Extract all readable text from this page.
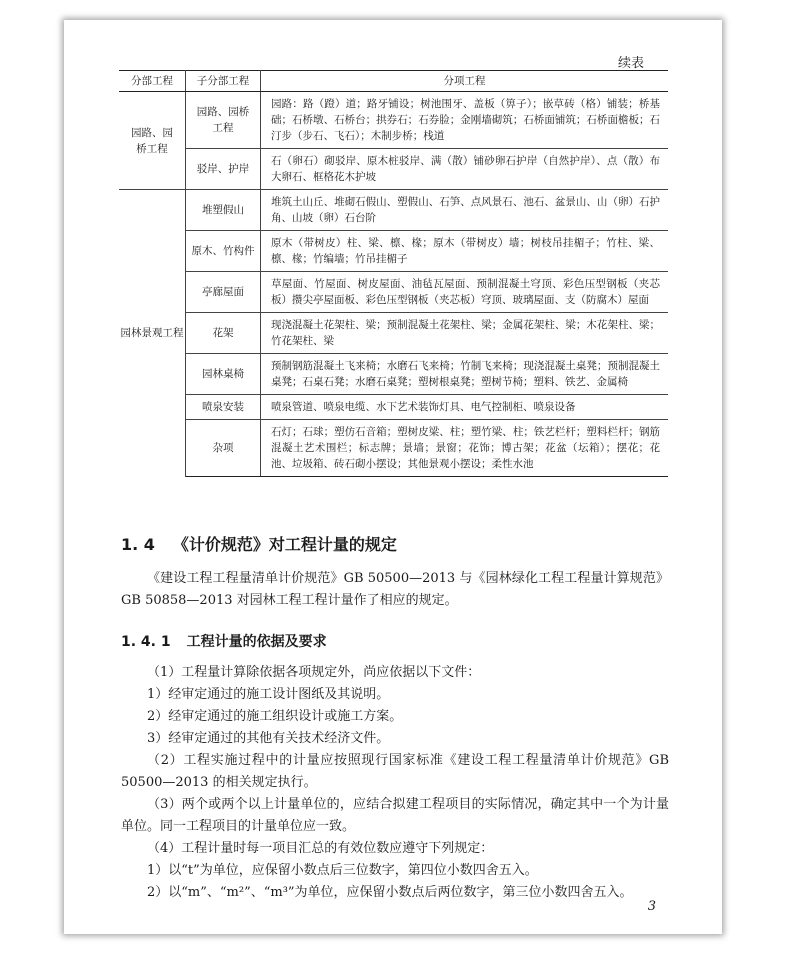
续表
分部工程	子分部工程	分项工程
园路、园桥工程	园路、园桥工程	园路：路（蹬）道；路牙铺设；树池围牙、盖板（箅子）；嵌草砖（格）铺装；桥基础；石桥墩、石桥台；拱券石；石券脸；金刚墙砌筑；石桥面铺筑；石桥面檐板；石汀步（步石、飞石）；木制步桥；栈道
	驳岸、护岸	石（卵石）砌驳岸、原木桩驳岸、满（散）铺砂卵石护岸（自然护岸）、点（散）布大卵石、框格花木护坡
园林景观工程	堆塑假山	堆筑土山丘、堆砌石假山、塑假山、石笋、点风景石、池石、盆景山、山（卵）石护角、山坡（卵）石台阶
	原木、竹构件	原木（带树皮）柱、梁、檩、椽；原木（带树皮）墙；树枝吊挂楣子；竹柱、梁、檩、椽；竹编墙；竹吊挂楣子
	亭廊屋面	草屋面、竹屋面、树皮屋面、油毡瓦屋面、预制混凝土穹顶、彩色压型钢板（夹芯板）攒尖亭屋面板、彩色压型钢板（夹芯板）穹顶、玻璃屋面、支（防腐木）屋面
	花架	现浇混凝土花架柱、梁；预制混凝土花架柱、梁；金属花架柱、梁；木花架柱、梁；竹花架柱、梁
	园林桌椅	预制钢筋混凝土飞来椅；水磨石飞来椅；竹制飞来椅；现浇混凝土桌凳；预制混凝土桌凳；石桌石凳；水磨石桌凳；塑树根桌凳；塑树节椅；塑料、铁艺、金属椅
	喷泉安装	喷泉管道、喷泉电缆、水下艺术装饰灯具、电气控制柜、喷泉设备
	杂项	石灯；石球；塑仿石音箱；塑树皮梁、柱；塑竹梁、柱；铁艺栏杆；塑料栏杆；钢筋混凝土艺术围栏；标志牌；景墙；景窗；花饰；博古架；花盆（坛箱）；摆花；花池、垃圾箱、砖石砌小摆设；其他景观小摆设；柔性水池
1. 4 《计价规范》对工程计量的规定

《建设工程工程量清单计价规范》GB 50500—2013 与《园林绿化工程工程量计算规范》GB 50858—2013 对园林工程工程计量作了相应的规定。

1. 4. 1 工程计量的依据及要求

（1）工程量计算除依据各项规定外，尚应依据以下文件：

1）经审定通过的施工设计图纸及其说明。

2）经审定通过的施工组织设计或施工方案。

3）经审定通过的其他有关技术经济文件。

（2）工程实施过程中的计量应按照现行国家标准《建设工程工程量清单计价规范》GB 50500—2013 的相关规定执行。

（3）两个或两个以上计量单位的，应结合拟建工程项目的实际情况，确定其中一个为计量单位。同一工程项目的计量单位应一致。

（4）工程计量时每一项目汇总的有效位数应遵守下列规定：

1）以“t”为单位，应保留小数点后三位数字，第四位小数四舍五入。

2）以“m”、“m²”、“m³”为单位，应保留小数点后两位数字，第三位小数四舍五入。

3
